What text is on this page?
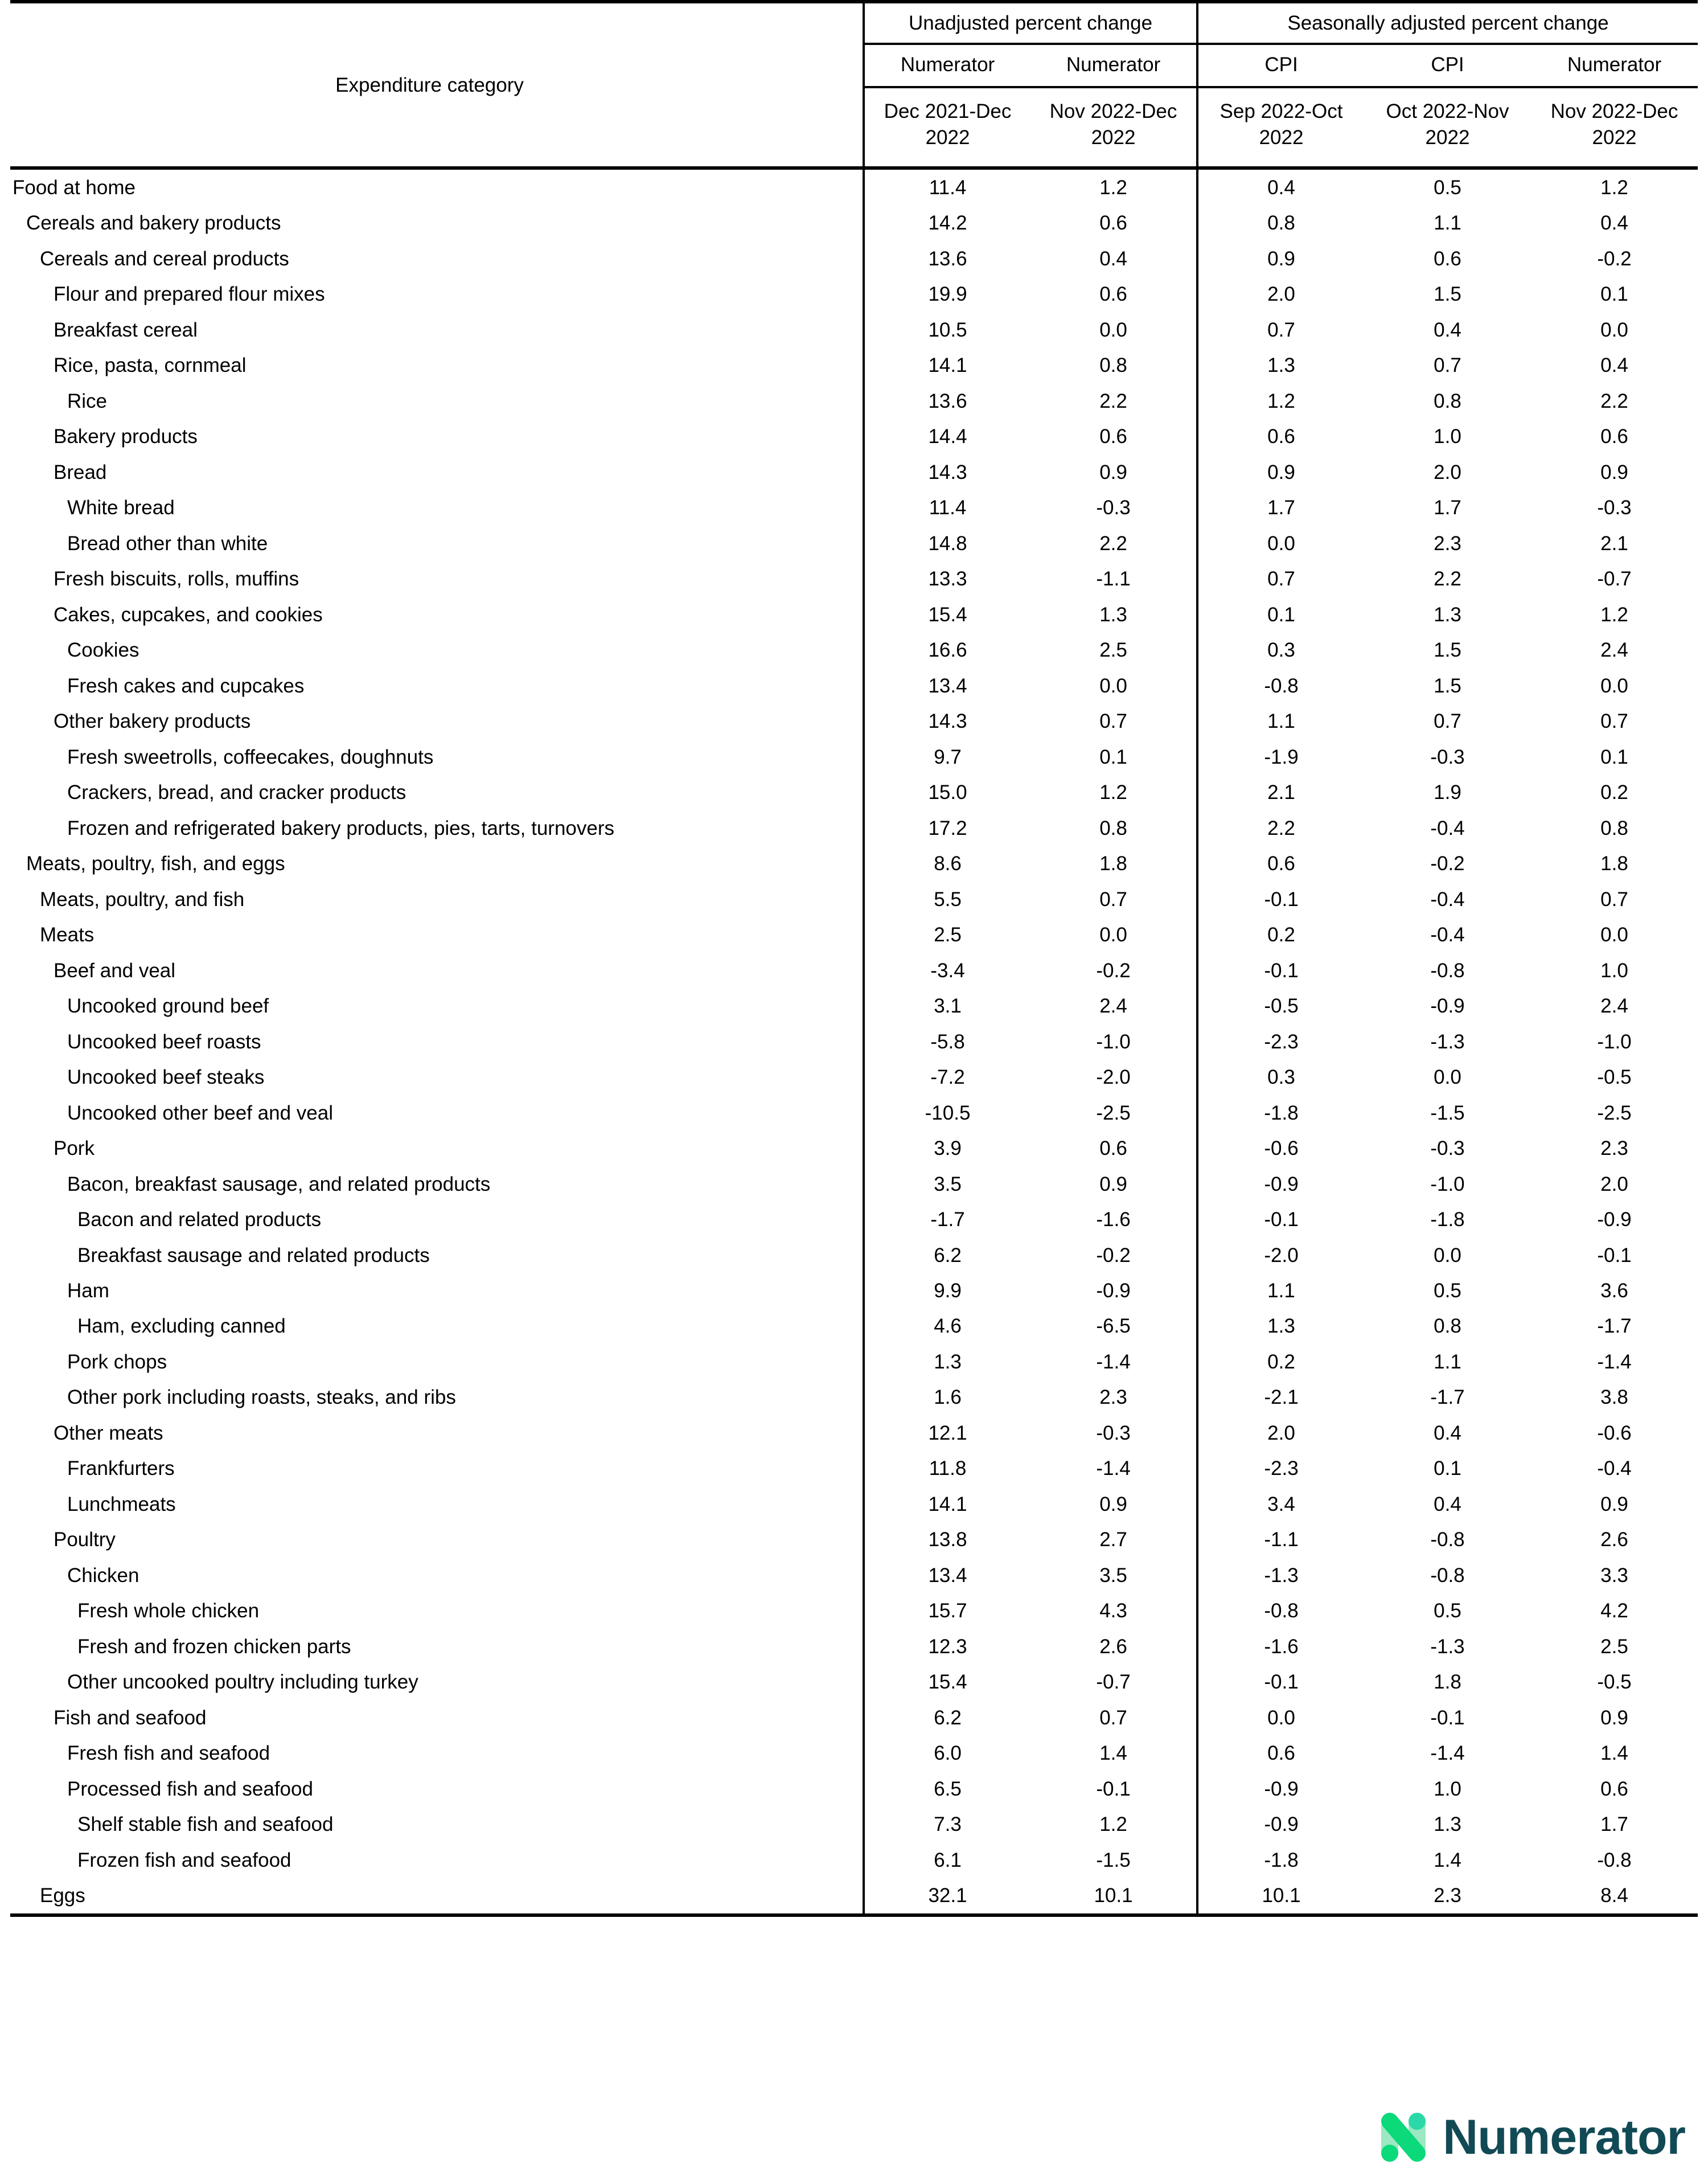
Expenditure category	Unadjusted percent change		Seasonally adjusted percent change		
	Numerator	Numerator	CPI	CPI	Numerator
	Dec 2021-Dec 2022	Nov 2022-Dec 2022	Sep 2022-Oct 2022	Oct 2022-Nov 2022	Nov 2022-Dec 2022
Food at home	11.4	1.2	0.4	0.5	1.2
Cereals and bakery products	14.2	0.6	0.8	1.1	0.4
Cereals and cereal products	13.6	0.4	0.9	0.6	-0.2
Flour and prepared flour mixes	19.9	0.6	2.0	1.5	0.1
Breakfast cereal	10.5	0.0	0.7	0.4	0.0
Rice, pasta, cornmeal	14.1	0.8	1.3	0.7	0.4
Rice	13.6	2.2	1.2	0.8	2.2
Bakery products	14.4	0.6	0.6	1.0	0.6
Bread	14.3	0.9	0.9	2.0	0.9
White bread	11.4	-0.3	1.7	1.7	-0.3
Bread other than white	14.8	2.2	0.0	2.3	2.1
Fresh biscuits, rolls, muffins	13.3	-1.1	0.7	2.2	-0.7
Cakes, cupcakes, and cookies	15.4	1.3	0.1	1.3	1.2
Cookies	16.6	2.5	0.3	1.5	2.4
Fresh cakes and cupcakes	13.4	0.0	-0.8	1.5	0.0
Other bakery products	14.3	0.7	1.1	0.7	0.7
Fresh sweetrolls, coffeecakes, doughnuts	9.7	0.1	-1.9	-0.3	0.1
Crackers, bread, and cracker products	15.0	1.2	2.1	1.9	0.2
Frozen and refrigerated bakery products, pies, tarts, turnovers	17.2	0.8	2.2	-0.4	0.8
Meats, poultry, fish, and eggs	8.6	1.8	0.6	-0.2	1.8
Meats, poultry, and fish	5.5	0.7	-0.1	-0.4	0.7
Meats	2.5	0.0	0.2	-0.4	0.0
Beef and veal	-3.4	-0.2	-0.1	-0.8	1.0
Uncooked ground beef	3.1	2.4	-0.5	-0.9	2.4
Uncooked beef roasts	-5.8	-1.0	-2.3	-1.3	-1.0
Uncooked beef steaks	-7.2	-2.0	0.3	0.0	-0.5
Uncooked other beef and veal	-10.5	-2.5	-1.8	-1.5	-2.5
Pork	3.9	0.6	-0.6	-0.3	2.3
Bacon, breakfast sausage, and related products	3.5	0.9	-0.9	-1.0	2.0
Bacon and related products	-1.7	-1.6	-0.1	-1.8	-0.9
Breakfast sausage and related products	6.2	-0.2	-2.0	0.0	-0.1
Ham	9.9	-0.9	1.1	0.5	3.6
Ham, excluding canned	4.6	-6.5	1.3	0.8	-1.7
Pork chops	1.3	-1.4	0.2	1.1	-1.4
Other pork including roasts, steaks, and ribs	1.6	2.3	-2.1	-1.7	3.8
Other meats	12.1	-0.3	2.0	0.4	-0.6
Frankfurters	11.8	-1.4	-2.3	0.1	-0.4
Lunchmeats	14.1	0.9	3.4	0.4	0.9
Poultry	13.8	2.7	-1.1	-0.8	2.6
Chicken	13.4	3.5	-1.3	-0.8	3.3
Fresh whole chicken	15.7	4.3	-0.8	0.5	4.2
Fresh and frozen chicken parts	12.3	2.6	-1.6	-1.3	2.5
Other uncooked poultry including turkey	15.4	-0.7	-0.1	1.8	-0.5
Fish and seafood	6.2	0.7	0.0	-0.1	0.9
Fresh fish and seafood	6.0	1.4	0.6	-1.4	1.4
Processed fish and seafood	6.5	-0.1	-0.9	1.0	0.6
Shelf stable fish and seafood	7.3	1.2	-0.9	1.3	1.7
Frozen fish and seafood	6.1	-1.5	-1.8	1.4	-0.8
Eggs	32.1	10.1	10.1	2.3	8.4
Numerator
